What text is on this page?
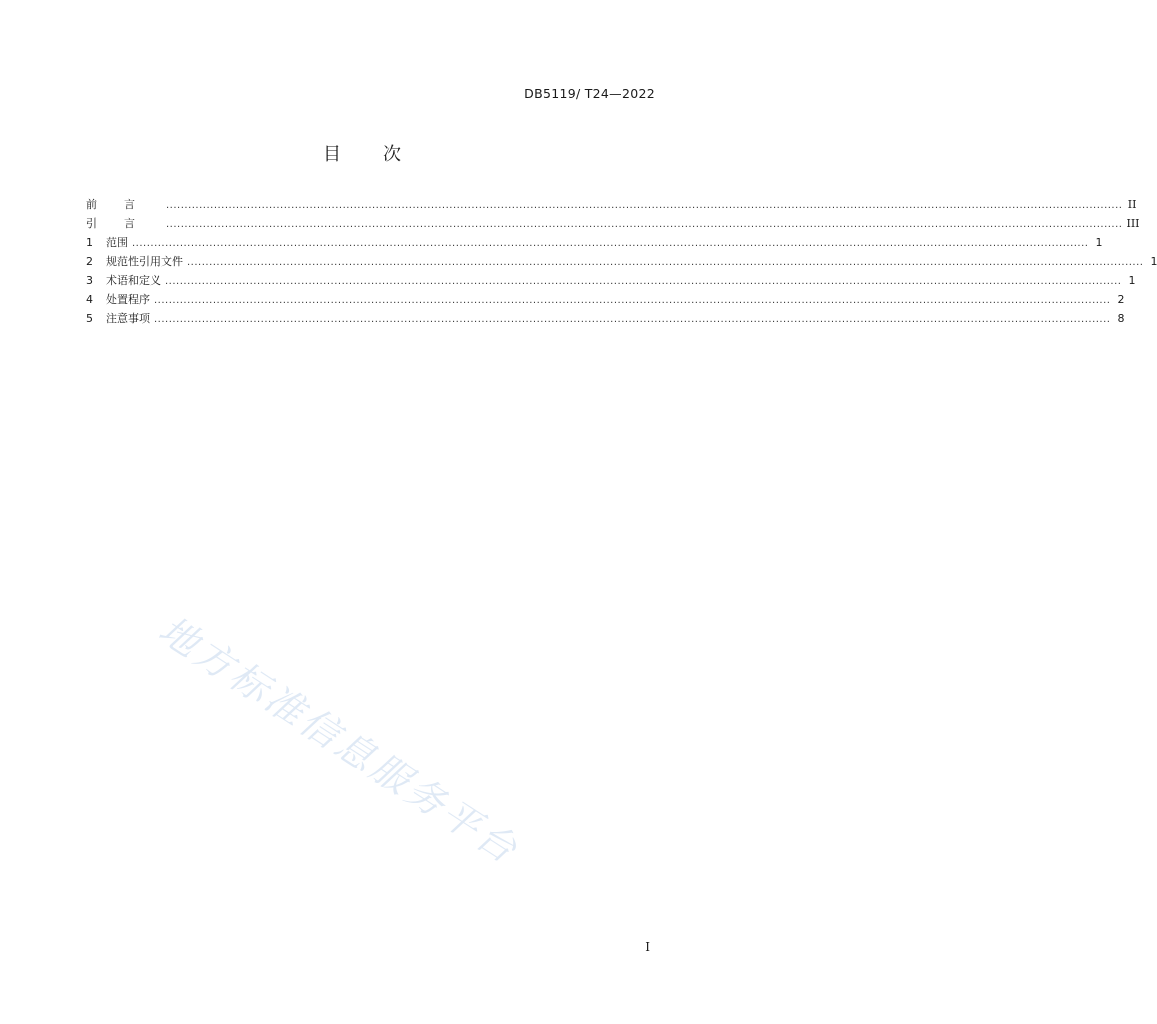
DB5119/ T24—2022
目 次
前言 .................................................................................................................................................................................................................................................................... II
引言 .................................................................................................................................................................................................................................................................... III
1	范围 .................................................................................................................................................................................................................................................................... 1
2	规范性引用文件 .................................................................................................................................................................................................................................................................... 1
3	术语和定义 .................................................................................................................................................................................................................................................................... 1
4	处置程序 .................................................................................................................................................................................................................................................................... 2
5	注意事项 .................................................................................................................................................................................................................................................................... 8
地方标准信息服务平台
I
